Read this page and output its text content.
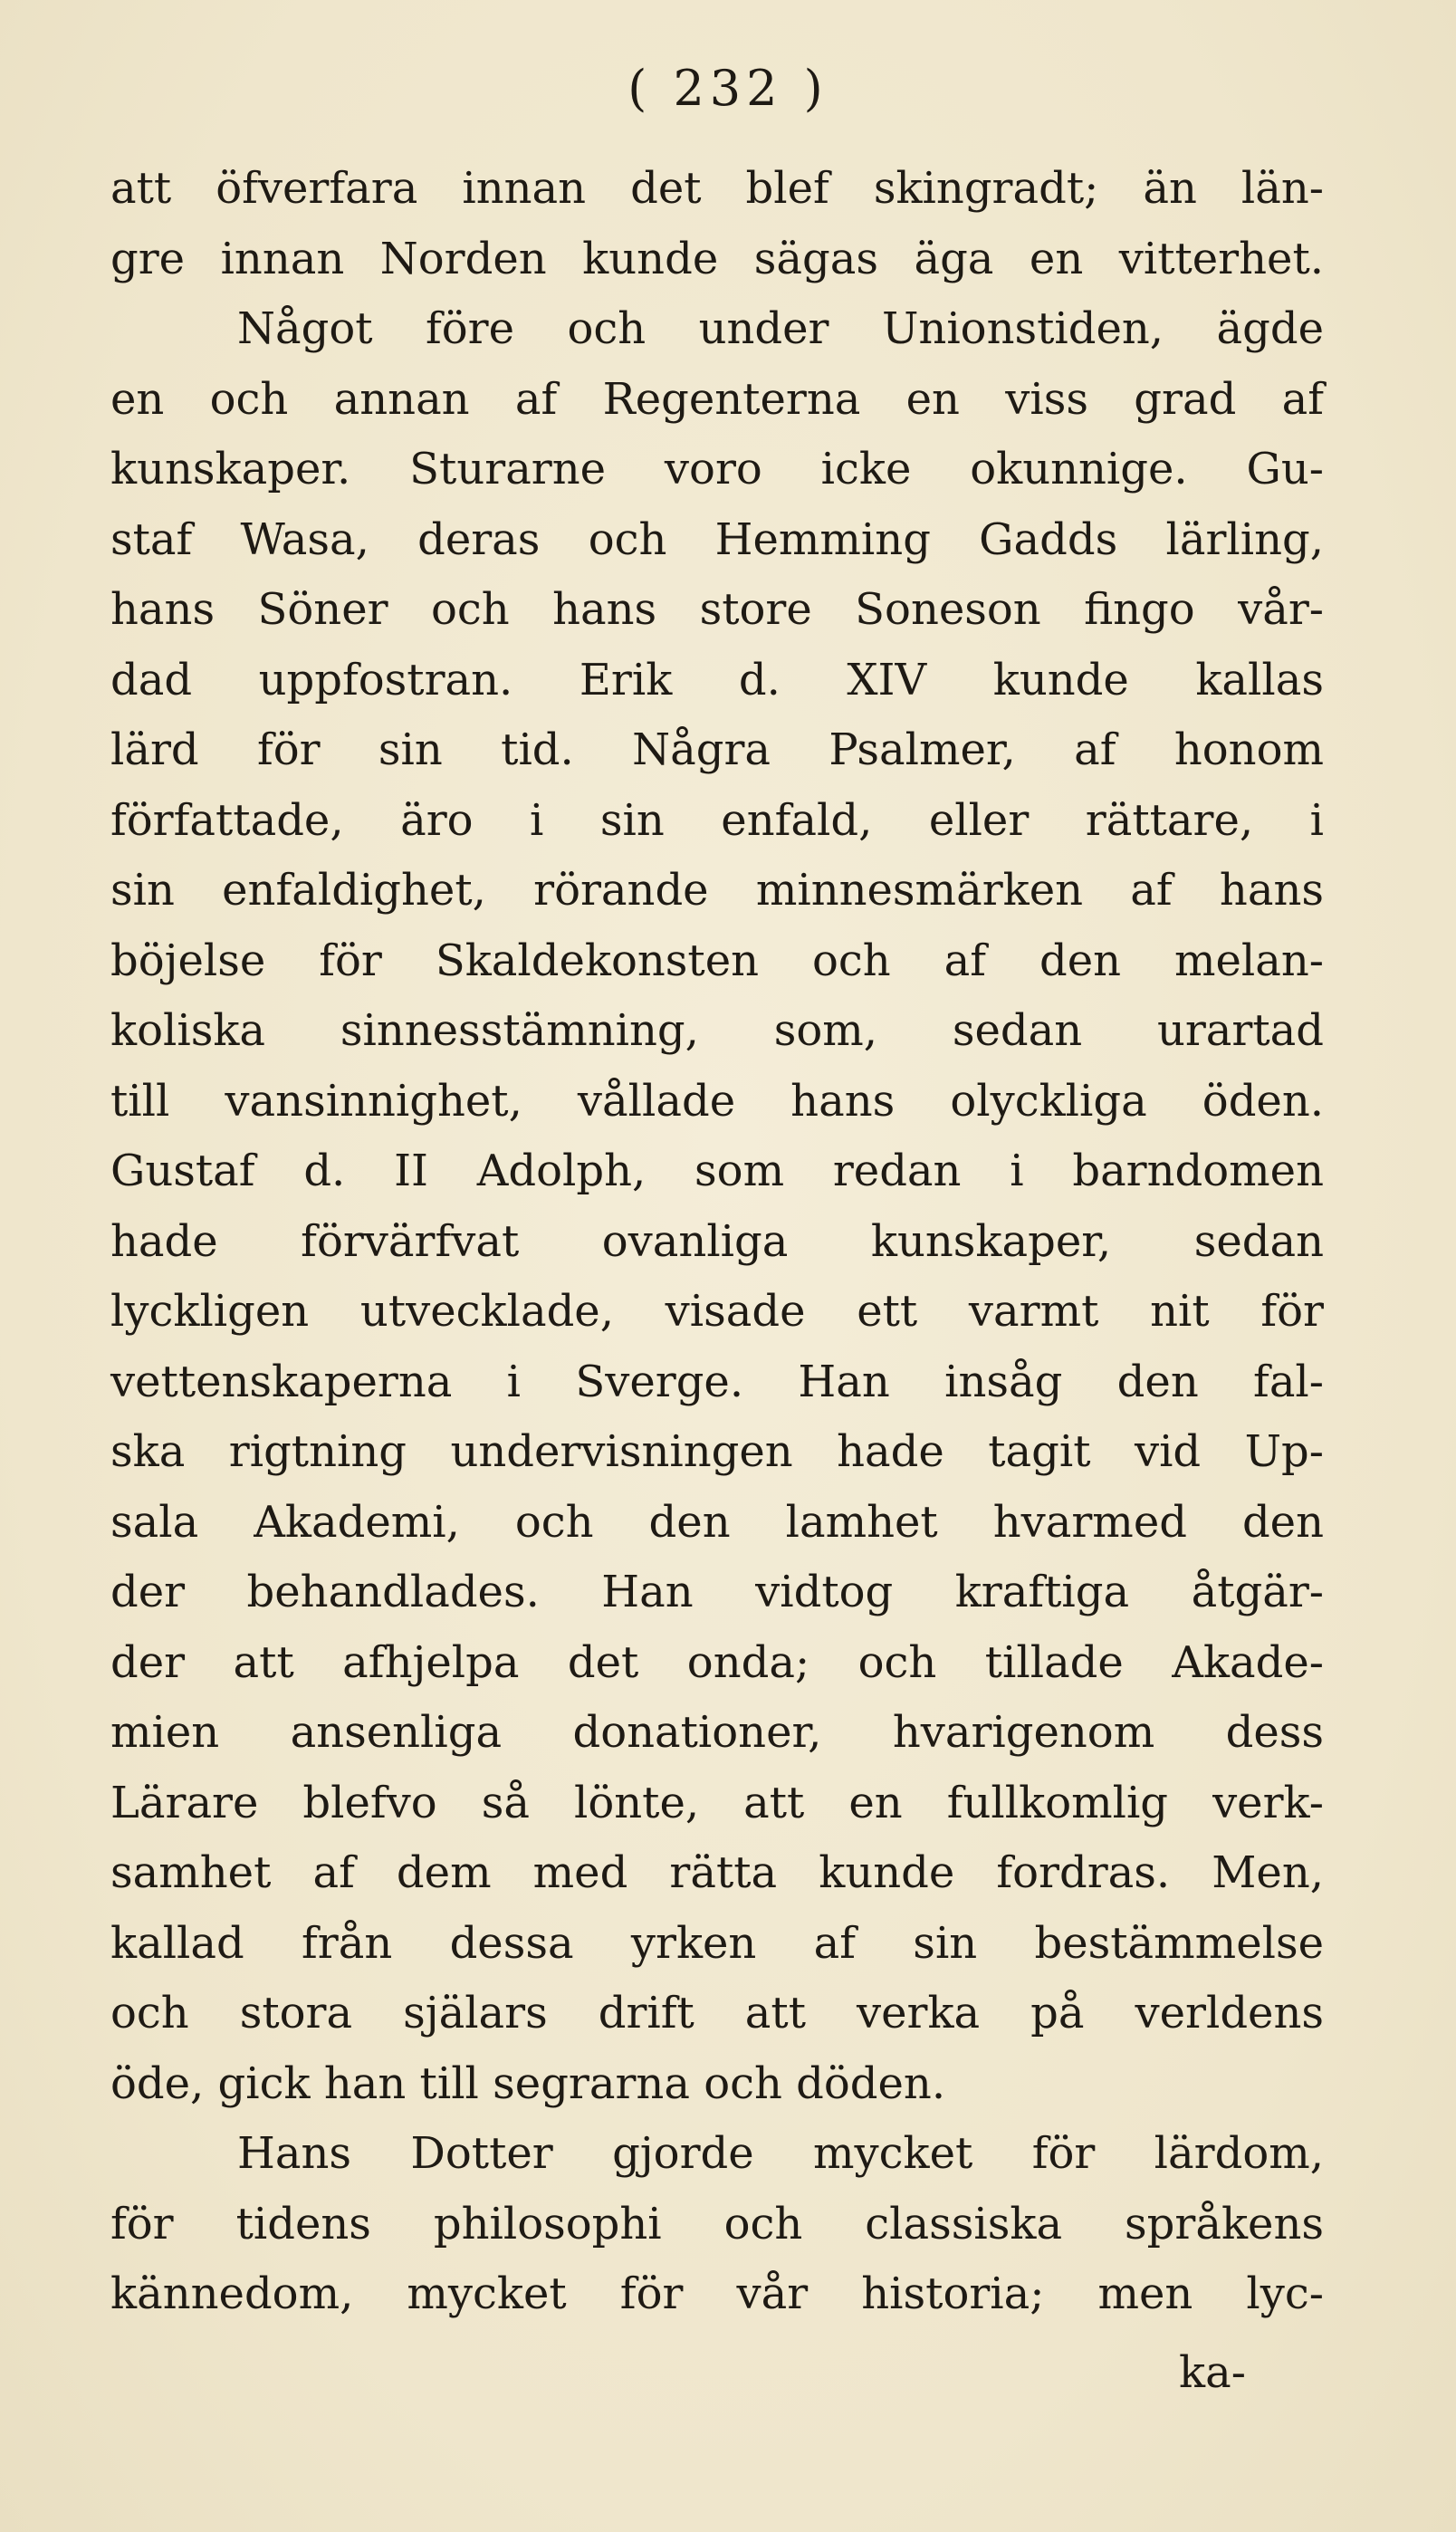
( 232 )
att öfverfara innan det blef skingradt; än län-
gre innan Norden kunde sägas äga en vitterhet.
Något före och under Unionstiden, ägde
en och annan af Regenterna en viss grad af
kunskaper. Sturarne voro icke okunnige. Gu-
staf Wasa, deras och Hemming Gadds lärling,
hans Söner och hans store Soneson fingo vår-
dad uppfostran. Erik d. XIV kunde kallas
lärd för sin tid. Några Psalmer, af honom
författade, äro i sin enfald, eller rättare, i
sin enfaldighet, rörande minnesmärken af hans
böjelse för Skaldekonsten och af den melan-
koliska sinnesstämning, som, sedan urartad
till vansinnighet, vållade hans olyckliga öden.
Gustaf d. II Adolph, som redan i barndomen
hade förvärfvat ovanliga kunskaper, sedan
lyckligen utvecklade, visade ett varmt nit för
vettenskaperna i Sverge. Han insåg den fal-
ska rigtning undervisningen hade tagit vid Up-
sala Akademi, och den lamhet hvarmed den
der behandlades. Han vidtog kraftiga åtgär-
der att afhjelpa det onda; och tillade Akade-
mien ansenliga donationer, hvarigenom dess
Lärare blefvo så lönte, att en fullkomlig verk-
samhet af dem med rätta kunde fordras. Men,
kallad från dessa yrken af sin bestämmelse
och stora själars drift att verka på verldens
öde, gick han till segrarna och döden.
Hans Dotter gjorde mycket för lärdom,
för tidens philosophi och classiska språkens
kännedom, mycket för vår historia; men lyc-
ka-
